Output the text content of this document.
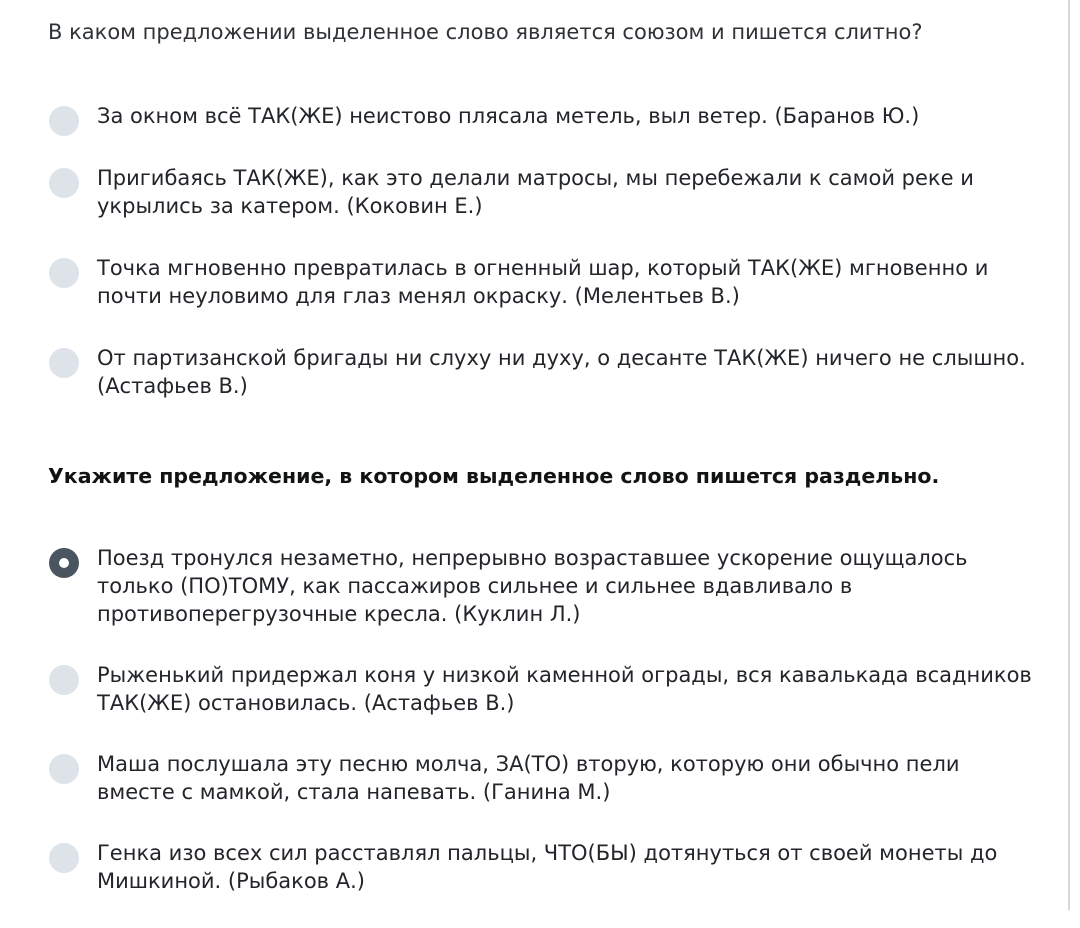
В каком предложении выделенное слово является союзом и пишется слитно?
За окном всё ТАК(ЖЕ) неистово плясала метель, выл ветер. (Баранов Ю.)
Пригибаясь ТАК(ЖЕ), как это делали матросы, мы перебежали к самой реке и укрылись за катером. (Коковин Е.)
Точка мгновенно превратилась в огненный шар, который ТАК(ЖЕ) мгновенно и почти неуловимо для глаз менял окраску. (Мелентьев В.)
От партизанской бригады ни слуху ни духу, о десанте ТАК(ЖЕ) ничего не слышно. (Астафьев В.)
Укажите предложение, в котором выделенное слово пишется раздельно.
Поезд тронулся незаметно, непрерывно возраставшее ускорение ощущалось только (ПО)ТОМУ, как пассажиров сильнее и сильнее вдавливало в противоперегрузочные кресла. (Куклин Л.)
Рыженький придержал коня у низкой каменной ограды, вся кавалькада всадников ТАК(ЖЕ) остановилась. (Астафьев В.)
Маша послушала эту песню молча, ЗА(ТО) вторую, которую они обычно пели вместе с мамкой, стала напевать. (Ганина М.)
Генка изо всех сил расставлял пальцы, ЧТО(БЫ) дотянуться от своей монеты до Мишкиной. (Рыбаков А.)
